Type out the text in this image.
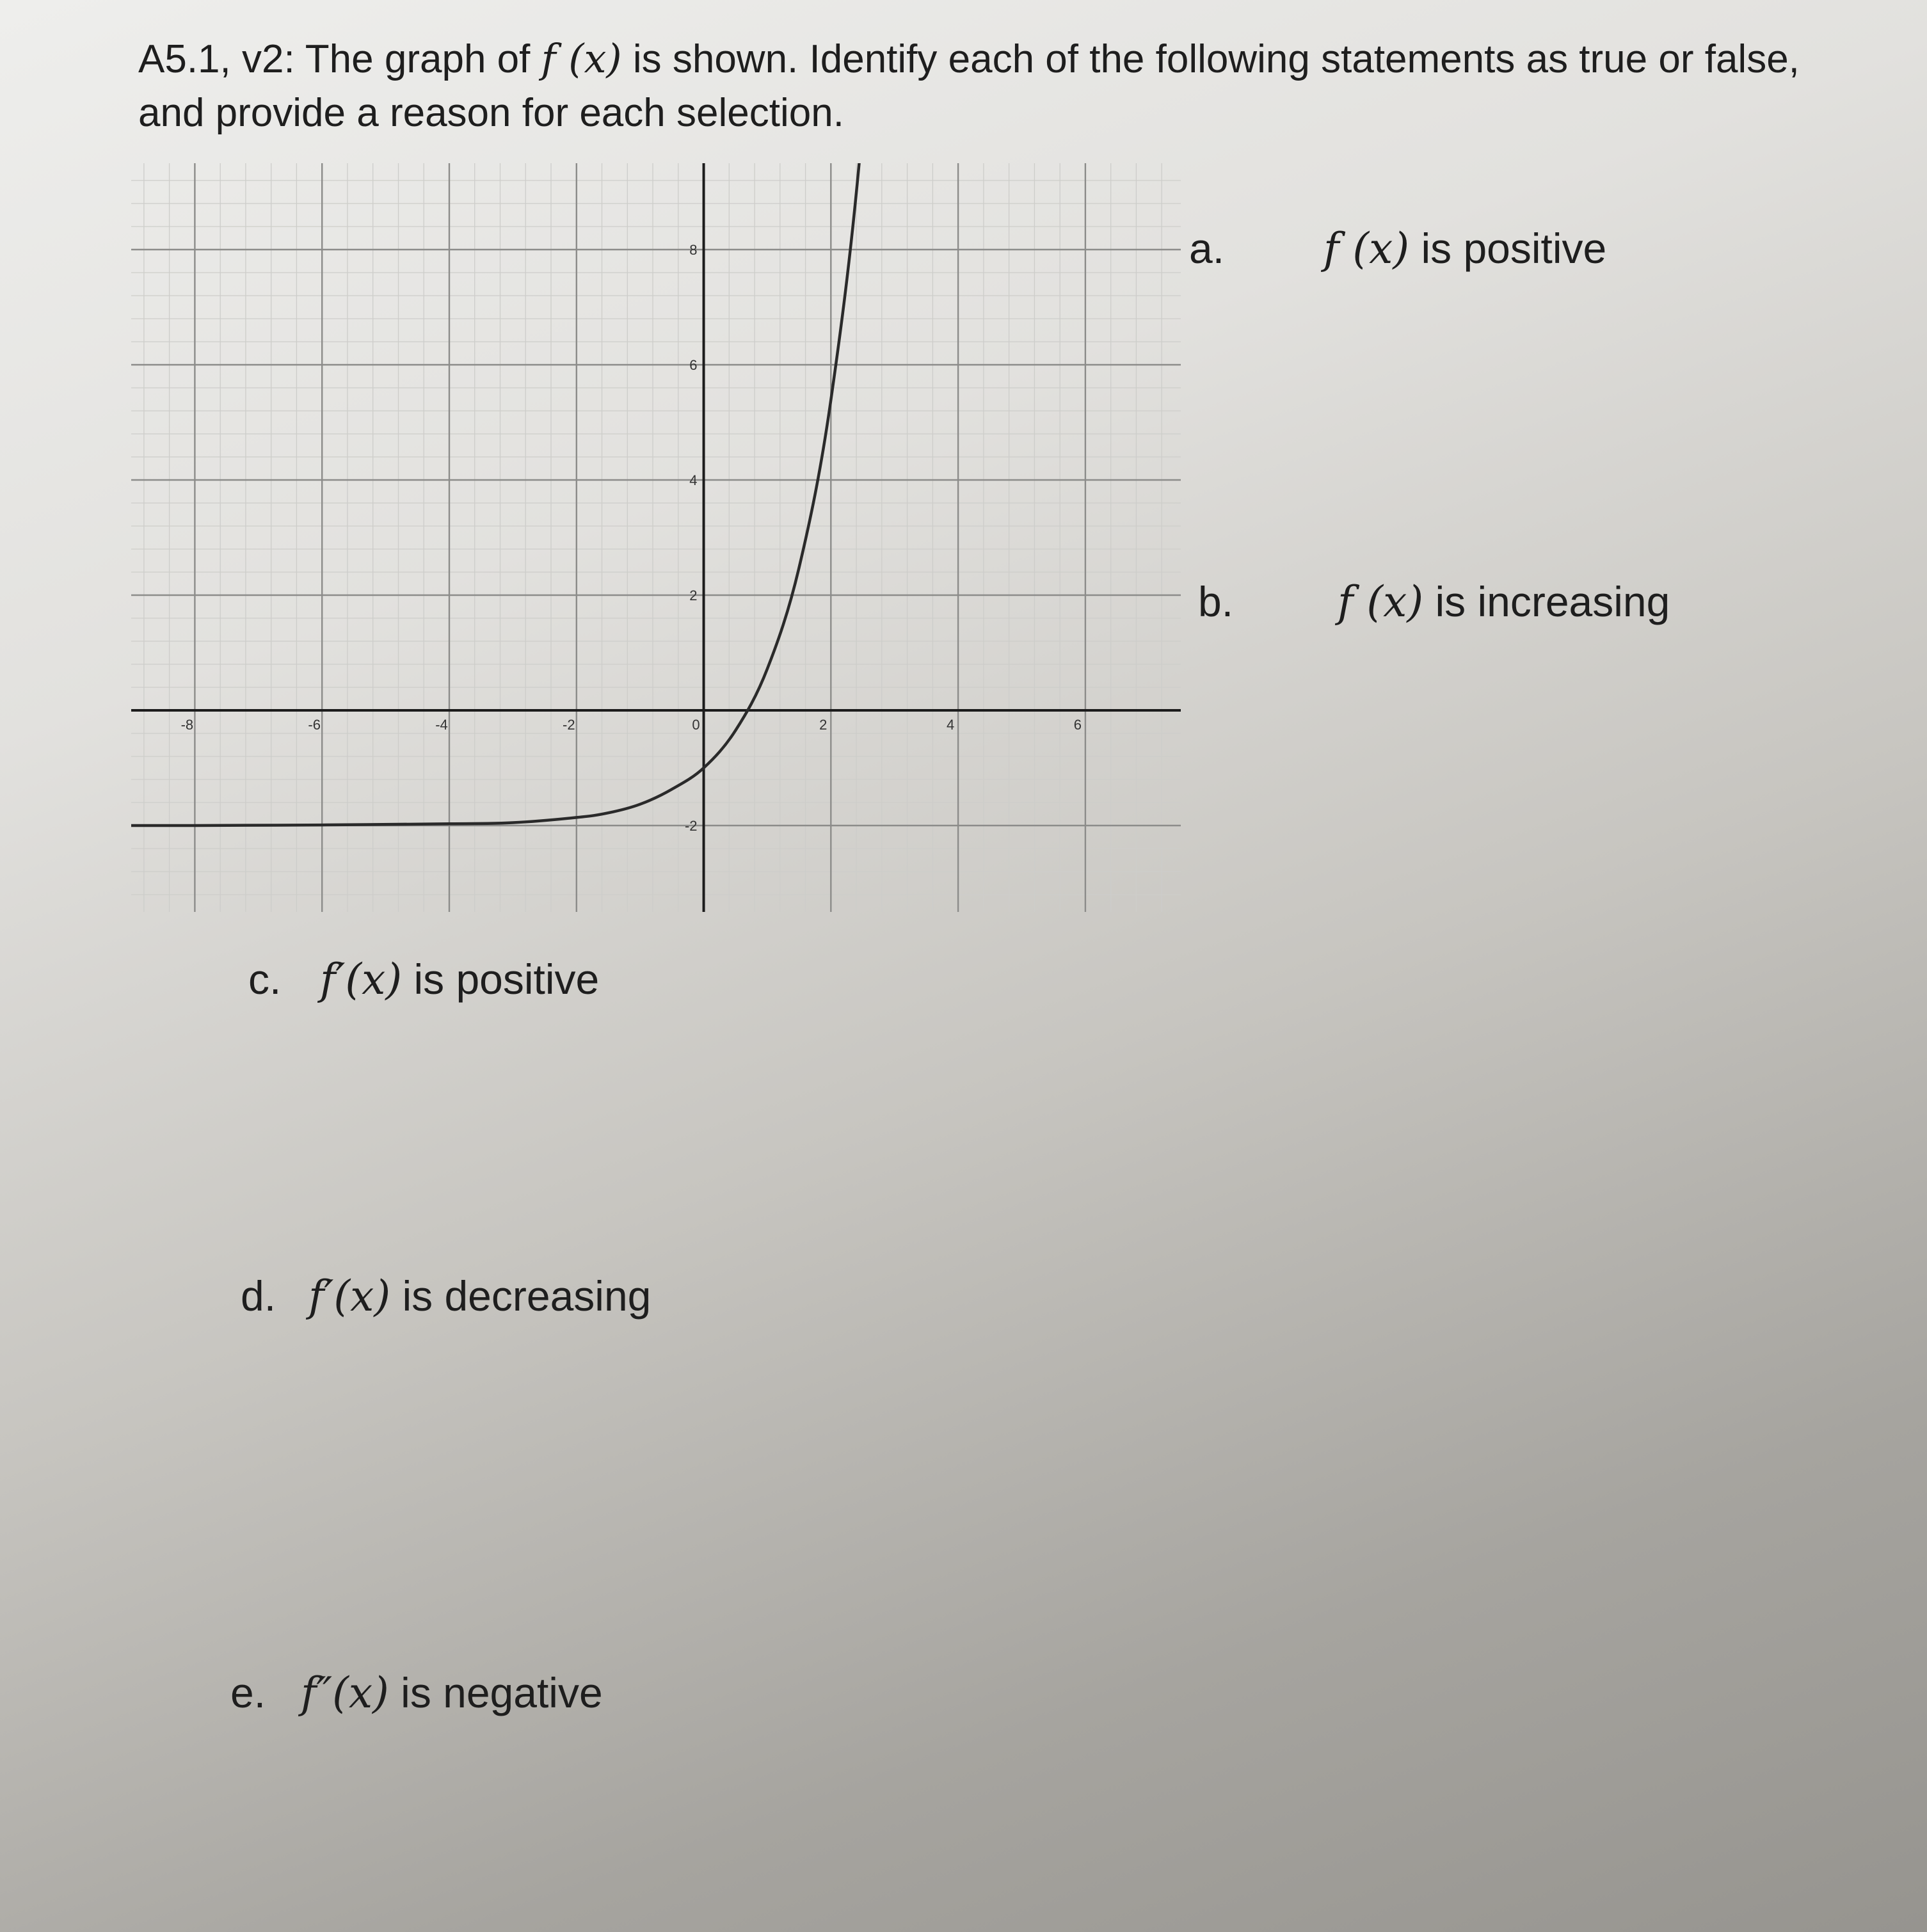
A5.1, v2: The graph of f (x) is shown. Identify each of the following statements as true or false, and provide a reason for each selection.
-8	-6	-4	-2	0	2	4	6
-2
2
4
6
8	a. f (x) is positive
b. f (x) is increasing
c. f′(x) is positive
d. f′(x) is decreasing
e. f″(x) is negative
